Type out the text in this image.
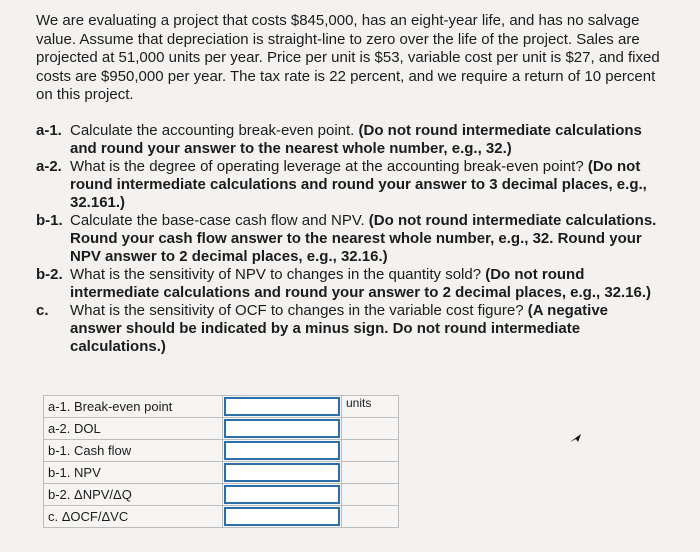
We are evaluating a project that costs $845,000, has an eight-year life, and has no salvage value. Assume that depreciation is straight-line to zero over the life of the project. Sales are projected at 51,000 units per year. Price per unit is $53, variable cost per unit is $27, and fixed costs are $950,000 per year. The tax rate is 22 percent, and we require a return of 10 percent on this project.
a-1. Calculate the accounting break-even point. (Do not round intermediate calculations and round your answer to the nearest whole number, e.g., 32.)
a-2. What is the degree of operating leverage at the accounting break-even point? (Do not round intermediate calculations and round your answer to 3 decimal places, e.g., 32.161.)
b-1. Calculate the base-case cash flow and NPV. (Do not round intermediate calculations. Round your cash flow answer to the nearest whole number, e.g., 32. Round your NPV answer to 2 decimal places, e.g., 32.16.)
b-2. What is the sensitivity of NPV to changes in the quantity sold? (Do not round intermediate calculations and round your answer to 2 decimal places, e.g., 32.16.)
c. What is the sensitivity of OCF to changes in the variable cost figure? (A negative answer should be indicated by a minus sign. Do not round intermediate calculations.)
a-1. Break-even point		units
a-2. DOL	

b-1. Cash flow	

b-1. NPV	

b-2. ΔNPV/ΔQ	

c. ΔOCF/ΔVC	
